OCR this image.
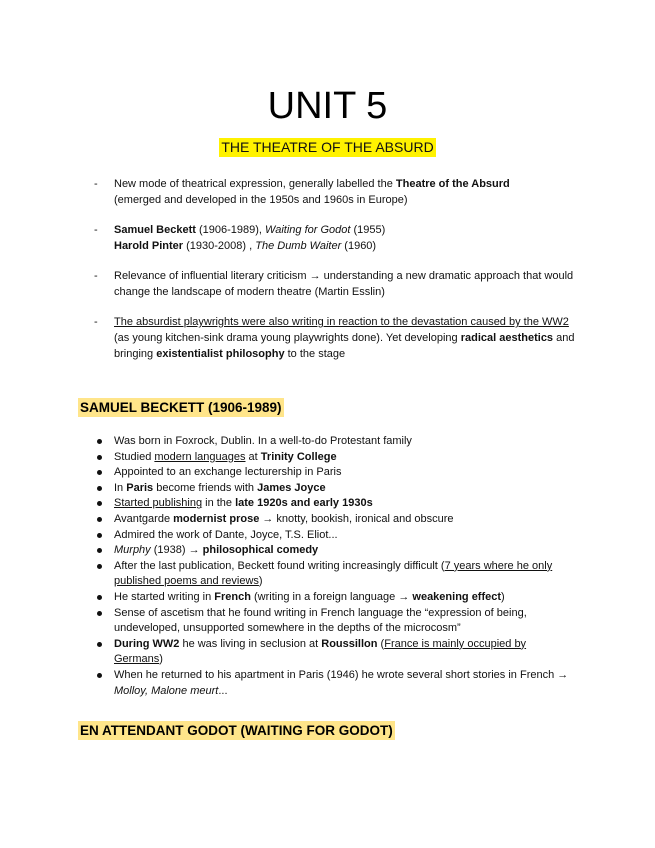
UNIT 5
THE THEATRE OF THE ABSURD
- New mode of theatrical expression, generally labelled the Theatre of the Absurd
(emerged and developed in the 1950s and 1960s in Europe)
- Samuel Beckett (1906-1989), Waiting for Godot (1955)
Harold Pinter (1930-2008) , The Dumb Waiter (1960)
- Relevance of influential literary criticism → understanding a new dramatic approach that would change the landscape of modern theatre (Martin Esslin)
- The absurdist playwrights were also writing in reaction to the devastation caused by the WW2 (as young kitchen-sink drama young playwrights done). Yet developing radical aesthetics and bringing existentialist philosophy to the stage
SAMUEL BECKETT (1906-1989)
Was born in Foxrock, Dublin. In a well-to-do Protestant family
Studied modern languages at Trinity College
Appointed to an exchange lecturership in Paris
In Paris become friends with James Joyce
Started publishing in the late 1920s and early 1930s
Avantgarde modernist prose → knotty, bookish, ironical and obscure
Admired the work of Dante, Joyce, T.S. Eliot...
Murphy (1938) → philosophical comedy
After the last publication, Beckett found writing increasingly difficult (7 years where he only published poems and reviews)
He started writing in French (writing in a foreign language → weakening effect)
Sense of ascetism that he found writing in French language the “expression of being, undeveloped, unsupported somewhere in the depths of the microcosm”
During WW2 he was living in seclusion at Roussillon (France is mainly occupied by Germans)
When he returned to his apartment in Paris (1946) he wrote several short stories in French → Molloy, Malone meurt...
EN ATTENDANT GODOT (WAITING FOR GODOT)
